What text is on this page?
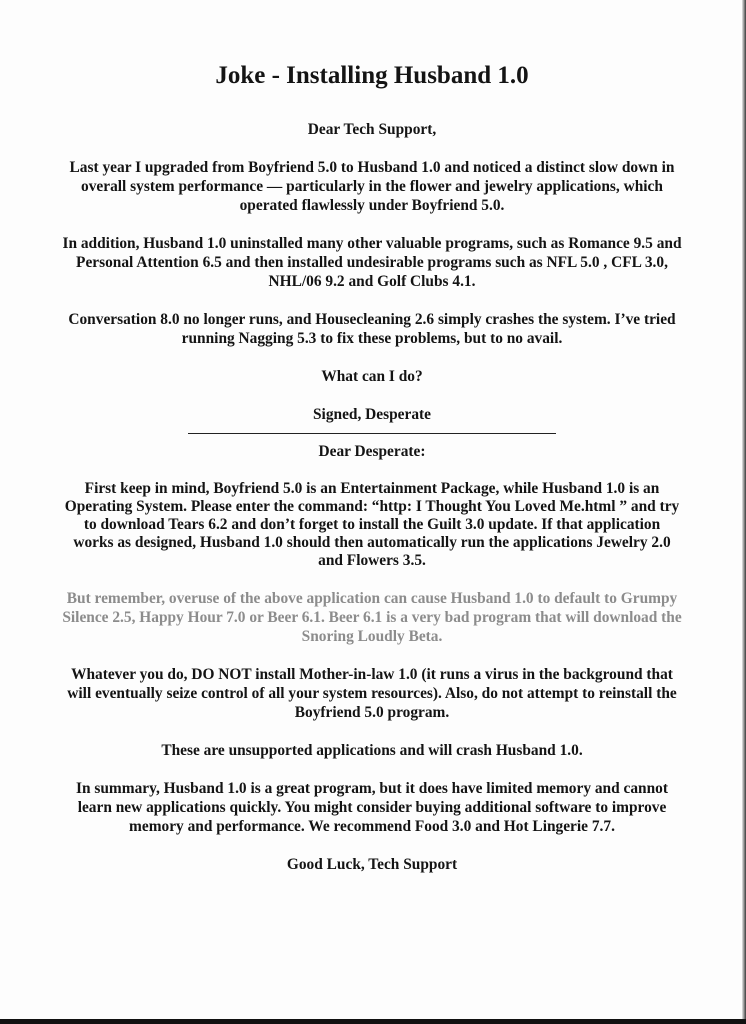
Joke - Installing Husband 1.0

Dear Tech Support,

Last year I upgraded from Boyfriend 5.0 to Husband 1.0 and noticed a distinct slow down in overall system performance — particularly in the flower and jewelry applications, which operated flawlessly under Boyfriend 5.0.

In addition, Husband 1.0 uninstalled many other valuable programs, such as Romance 9.5 and Personal Attention 6.5 and then installed undesirable programs such as NFL 5.0 , CFL 3.0, NHL/06 9.2 and Golf Clubs 4.1.

Conversation 8.0 no longer runs, and Housecleaning 2.6 simply crashes the system. I’ve tried running Nagging 5.3 to fix these problems, but to no avail.

What can I do?

Signed, Desperate

Dear Desperate:

First keep in mind, Boyfriend 5.0 is an Entertainment Package, while Husband 1.0 is an Operating System. Please enter the command: “http: I Thought You Loved Me.html ” and try to download Tears 6.2 and don’t forget to install the Guilt 3.0 update. If that application works as designed, Husband 1.0 should then automatically run the applications Jewelry 2.0 and Flowers 3.5.

But remember, overuse of the above application can cause Husband 1.0 to default to Grumpy Silence 2.5, Happy Hour 7.0 or Beer 6.1. Beer 6.1 is a very bad program that will download the Snoring Loudly Beta.

Whatever you do, DO NOT install Mother-in-law 1.0 (it runs a virus in the background that will eventually seize control of all your system resources). Also, do not attempt to reinstall the Boyfriend 5.0 program.

These are unsupported applications and will crash Husband 1.0.

In summary, Husband 1.0 is a great program, but it does have limited memory and cannot learn new applications quickly. You might consider buying additional software to improve memory and performance. We recommend Food 3.0 and Hot Lingerie 7.7.

Good Luck, Tech Support
